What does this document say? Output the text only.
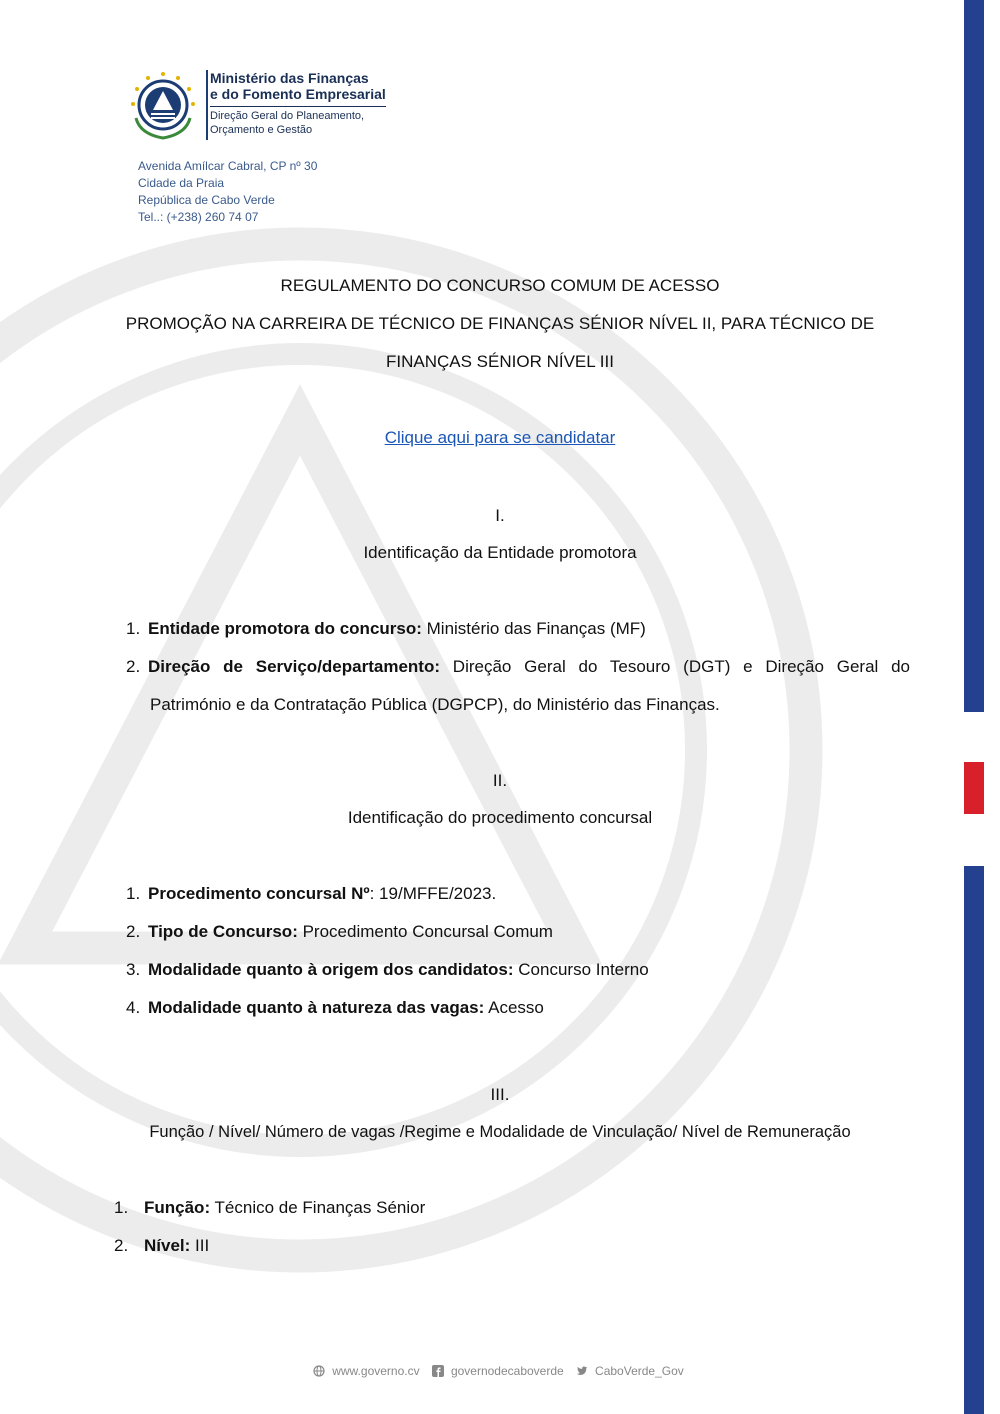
Ministério das Finanças
e do Fomento Empresarial
Direção Geral do Planeamento,
Orçamento e Gestão
Avenida Amílcar Cabral, CP nº 30
Cidade da Praia
República de Cabo Verde
Tel..: (+238) 260 74 07
REGULAMENTO DO CONCURSO COMUM DE ACESSO
PROMOÇÃO NA CARREIRA DE TÉCNICO DE FINANÇAS SÉNIOR NÍVEL II, PARA TÉCNICO DE
FINANÇAS SÉNIOR NÍVEL III
Clique aqui para se candidatar
I.
Identificação da Entidade promotora
1. Entidade promotora do concurso: Ministério das Finanças (MF)
2. Direção de Serviço/departamento: Direção Geral do Tesouro (DGT) e Direção Geral do
Património e da Contratação Pública (DGPCP), do Ministério das Finanças.
II.
Identificação do procedimento concursal
1. Procedimento concursal Nº: 19/MFFE/2023.
2. Tipo de Concurso: Procedimento Concursal Comum
3. Modalidade quanto à origem dos candidatos: Concurso Interno
4. Modalidade quanto à natureza das vagas: Acesso
III.
Função / Nível/ Número de vagas /Regime e Modalidade de Vinculação/ Nível de Remuneração
1. Função: Técnico de Finanças Sénior
2. Nível: III
www.governo.cv	governodecaboverde	CaboVerde_Gov
